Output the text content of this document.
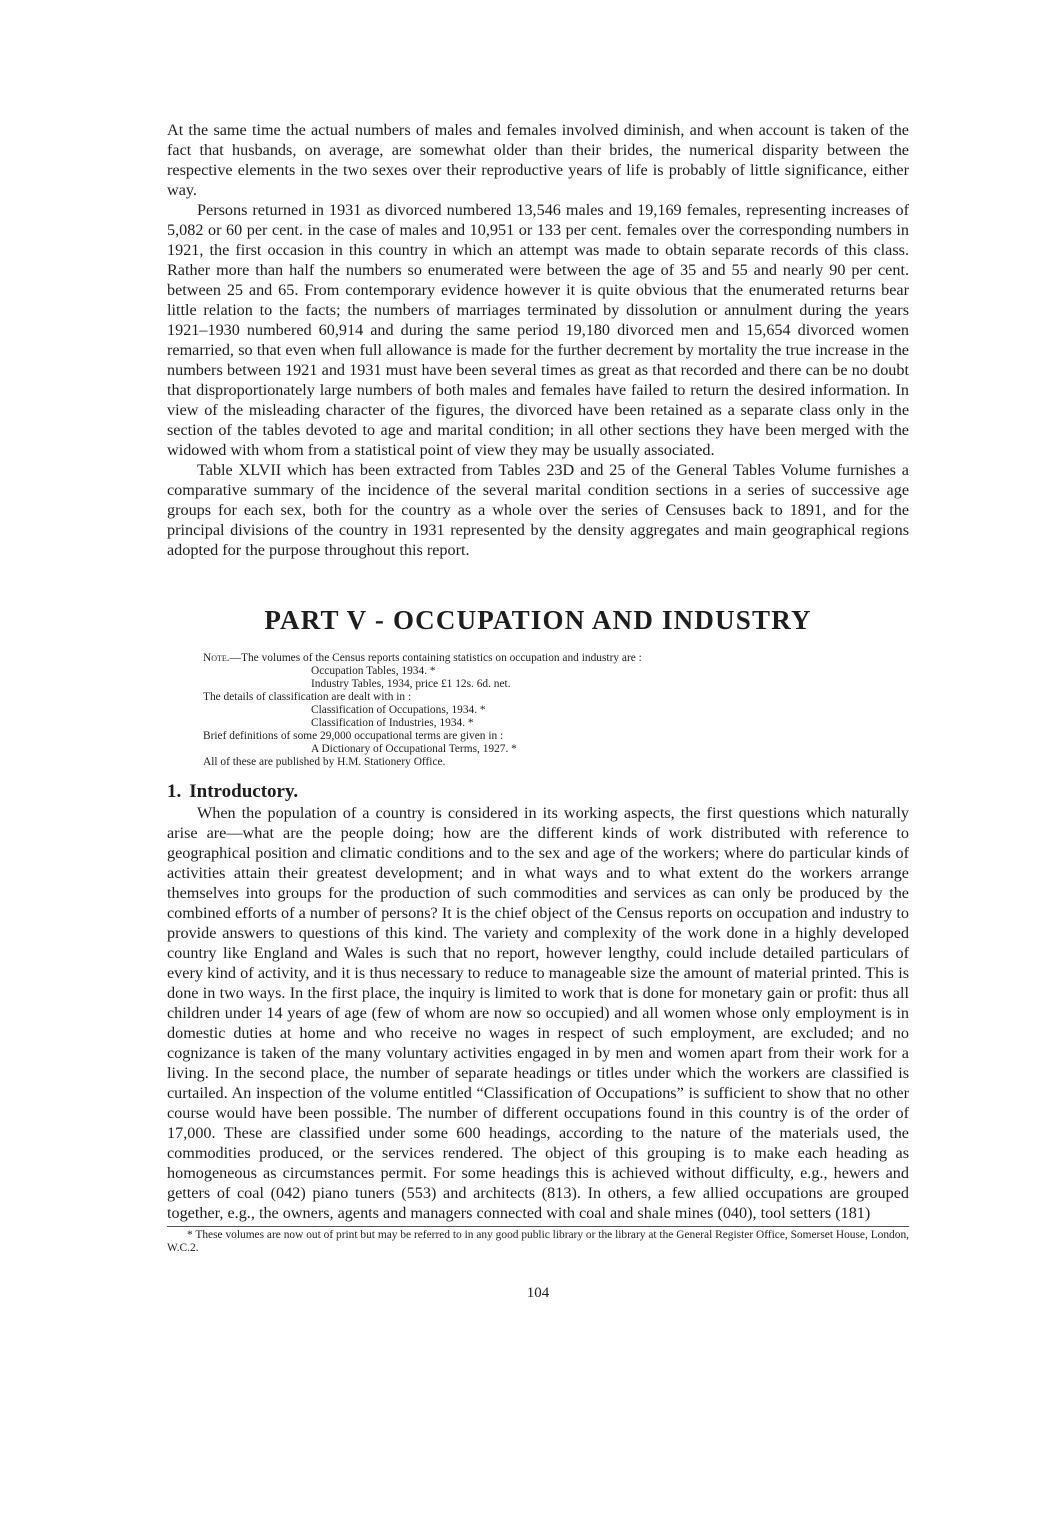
At the same time the actual numbers of males and females involved diminish, and when account is taken of the fact that husbands, on average, are somewhat older than their brides, the numerical disparity between the respective elements in the two sexes over their reproductive years of life is probably of little significance, either way.

Persons returned in 1931 as divorced numbered 13,546 males and 19,169 females, representing increases of 5,082 or 60 per cent. in the case of males and 10,951 or 133 per cent. females over the corresponding numbers in 1921, the first occasion in this country in which an attempt was made to obtain separate records of this class. Rather more than half the numbers so enumerated were between the age of 35 and 55 and nearly 90 per cent. between 25 and 65. From contemporary evidence however it is quite obvious that the enumerated returns bear little relation to the facts; the numbers of marriages terminated by dissolution or annulment during the years 1921–1930 numbered 60,914 and during the same period 19,180 divorced men and 15,654 divorced women remarried, so that even when full allowance is made for the further decrement by mortality the true increase in the numbers between 1921 and 1931 must have been several times as great as that recorded and there can be no doubt that disproportionately large numbers of both males and females have failed to return the desired information. In view of the misleading character of the figures, the divorced have been retained as a separate class only in the section of the tables devoted to age and marital condition; in all other sections they have been merged with the widowed with whom from a statistical point of view they may be usually associated.

Table XLVII which has been extracted from Tables 23D and 25 of the General Tables Volume furnishes a comparative summary of the incidence of the several marital condition sections in a series of successive age groups for each sex, both for the country as a whole over the series of Censuses back to 1891, and for the principal divisions of the country in 1931 represented by the density aggregates and main geographical regions adopted for the purpose throughout this report.

PART V - OCCUPATION AND INDUSTRY
Note.—The volumes of the Census reports containing statistics on occupation and industry are :
Occupation Tables, 1934. *
Industry Tables, 1934, price £1 12s. 6d. net.
The details of classification are dealt with in :
Classification of Occupations, 1934. *
Classification of Industries, 1934. *
Brief definitions of some 29,000 occupational terms are given in :
A Dictionary of Occupational Terms, 1927. *
All of these are published by H.M. Stationery Office.
1. Introductory.

When the population of a country is considered in its working aspects, the first questions which naturally arise are—what are the people doing; how are the different kinds of work distributed with reference to geographical position and climatic conditions and to the sex and age of the workers; where do particular kinds of activities attain their greatest development; and in what ways and to what extent do the workers arrange themselves into groups for the production of such commodities and services as can only be produced by the combined efforts of a number of persons? It is the chief object of the Census reports on occupation and industry to provide answers to questions of this kind. The variety and complexity of the work done in a highly developed country like England and Wales is such that no report, however lengthy, could include detailed particulars of every kind of activity, and it is thus necessary to reduce to manageable size the amount of material printed. This is done in two ways. In the first place, the inquiry is limited to work that is done for monetary gain or profit: thus all children under 14 years of age (few of whom are now so occupied) and all women whose only employment is in domestic duties at home and who receive no wages in respect of such employment, are excluded; and no cognizance is taken of the many voluntary activities engaged in by men and women apart from their work for a living. In the second place, the number of separate headings or titles under which the workers are classified is curtailed. An inspection of the volume entitled “Classification of Occupations” is sufficient to show that no other course would have been possible. The number of different occupations found in this country is of the order of 17,000. These are classified under some 600 headings, according to the nature of the materials used, the commodities produced, or the services rendered. The object of this grouping is to make each heading as homogeneous as circumstances permit. For some headings this is achieved without difficulty, e.g., hewers and getters of coal (042) piano tuners (553) and architects (813). In others, a few allied occupations are grouped together, e.g., the owners, agents and managers connected with coal and shale mines (040), tool setters (181)

* These volumes are now out of print but may be referred to in any good public library or the library at the General Register Office, Somerset House, London, W.C.2.

104
